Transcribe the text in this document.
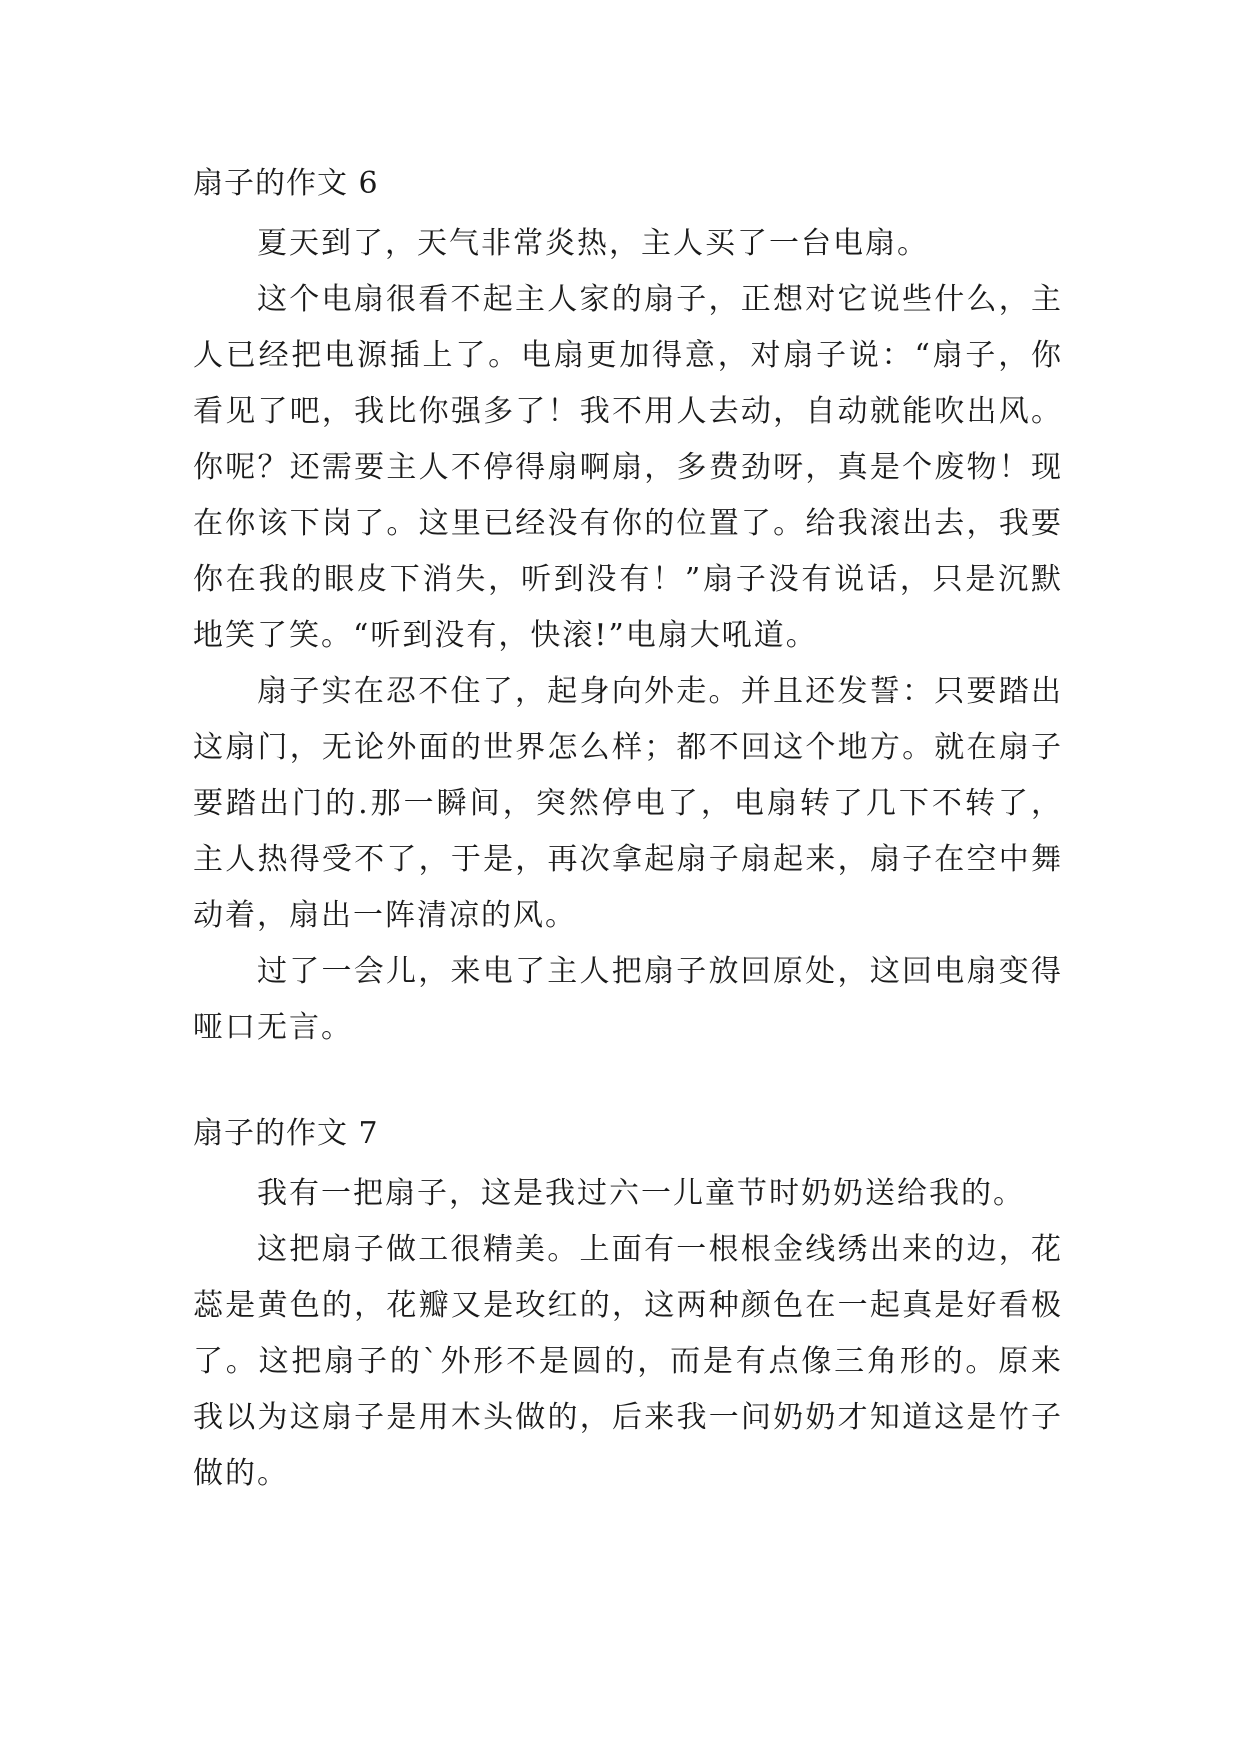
扇子的作文 6

夏天到了，天气非常炎热，主人买了一台电扇。

这个电扇很看不起主人家的扇子，正想对它说些什么，主人已经把电源插上了。电扇更加得意，对扇子说：“扇子，你看见了吧，我比你强多了！我不用人去动，自动就能吹出风。你呢？还需要主人不停得扇啊扇，多费劲呀，真是个废物！现在你该下岗了。这里已经没有你的位置了。给我滚出去，我要你在我的眼皮下消失，听到没有！”扇子没有说话，只是沉默地笑了笑。“听到没有，快滚!”电扇大吼道。

扇子实在忍不住了，起身向外走。并且还发誓：只要踏出这扇门，无论外面的世界怎么样；都不回这个地方。就在扇子要踏出门的.那一瞬间，突然停电了，电扇转了几下不转了，主人热得受不了，于是，再次拿起扇子扇起来，扇子在空中舞动着，扇出一阵清凉的风。

过了一会儿，来电了主人把扇子放回原处，这回电扇变得哑口无言。

扇子的作文 7

我有一把扇子，这是我过六一儿童节时奶奶送给我的。

这把扇子做工很精美。上面有一根根金线绣出来的边，花蕊是黄色的，花瓣又是玫红的，这两种颜色在一起真是好看极了。这把扇子的`外形不是圆的，而是有点像三角形的。原来我以为这扇子是用木头做的，后来我一问奶奶才知道这是竹子做的。
